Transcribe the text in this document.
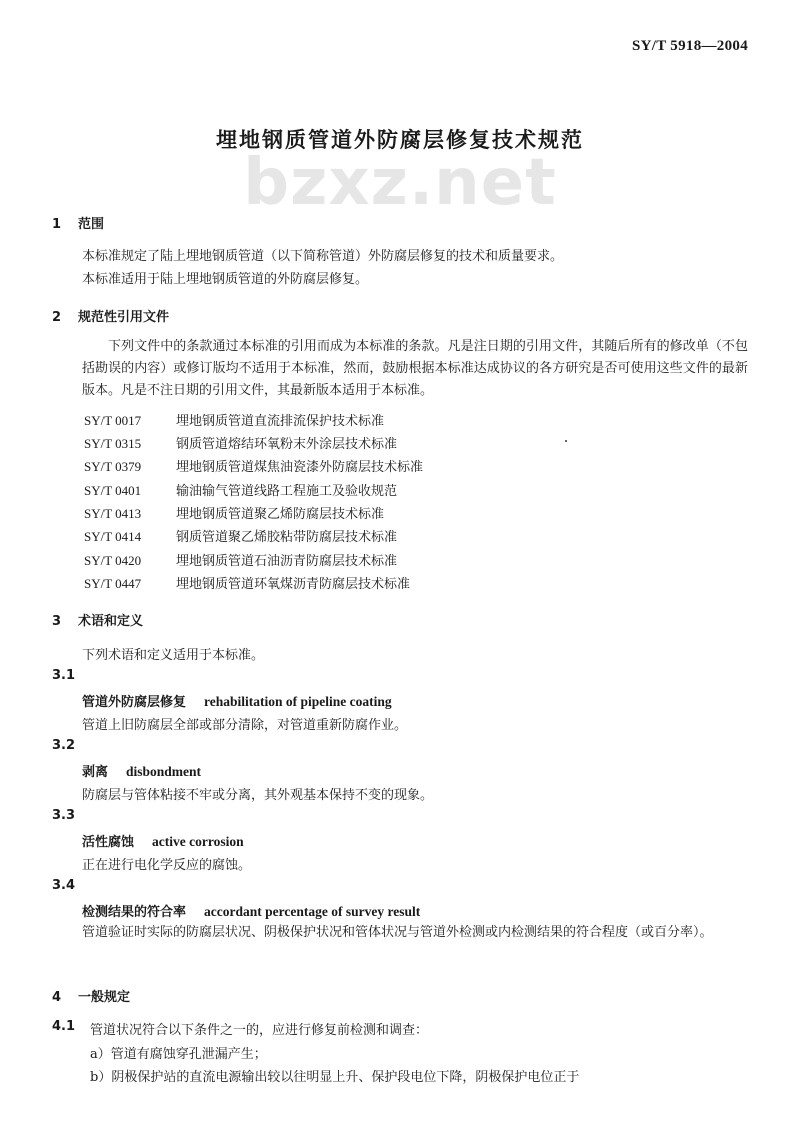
SY/T 5918—2004
bzxz.net
埋地钢质管道外防腐层修复技术规范
1 范围
本标准规定了陆上埋地钢质管道（以下简称管道）外防腐层修复的技术和质量要求。
本标准适用于陆上埋地钢质管道的外防腐层修复。
2 规范性引用文件
下列文件中的条款通过本标准的引用而成为本标准的条款。凡是注日期的引用文件，其随后所有的修改单（不包括勘误的内容）或修订版均不适用于本标准，然而，鼓励根据本标准达成协议的各方研究是否可使用这些文件的最新版本。凡是不注日期的引用文件，其最新版本适用于本标准。
SY/T 0017	埋地钢质管道直流排流保护技术标准
SY/T 0315	钢质管道熔结环氧粉末外涂层技术标准
SY/T 0379	埋地钢质管道煤焦油瓷漆外防腐层技术标准
SY/T 0401	输油输气管道线路工程施工及验收规范
SY/T 0413	埋地钢质管道聚乙烯防腐层技术标准
SY/T 0414	钢质管道聚乙烯胶粘带防腐层技术标准
SY/T 0420	埋地钢质管道石油沥青防腐层技术标准
SY/T 0447	埋地钢质管道环氧煤沥青防腐层技术标准
3 术语和定义
下列术语和定义适用于本标准。
3.1
管道外防腐层修复 rehabilitation of pipeline coating
管道上旧防腐层全部或部分清除，对管道重新防腐作业。
3.2
剥离 disbondment
防腐层与管体粘接不牢或分离，其外观基本保持不变的现象。
3.3
活性腐蚀 active corrosion
正在进行电化学反应的腐蚀。
3.4
检测结果的符合率 accordant percentage of survey result
管道验证时实际的防腐层状况、阴极保护状况和管体状况与管道外检测或内检测结果的符合程度（或百分率）。
4 一般规定
4.1 管道状况符合以下条件之一的，应进行修复前检测和调查：
a）管道有腐蚀穿孔泄漏产生；
b）阴极保护站的直流电源输出较以往明显上升、保护段电位下降，阴极保护电位正于
